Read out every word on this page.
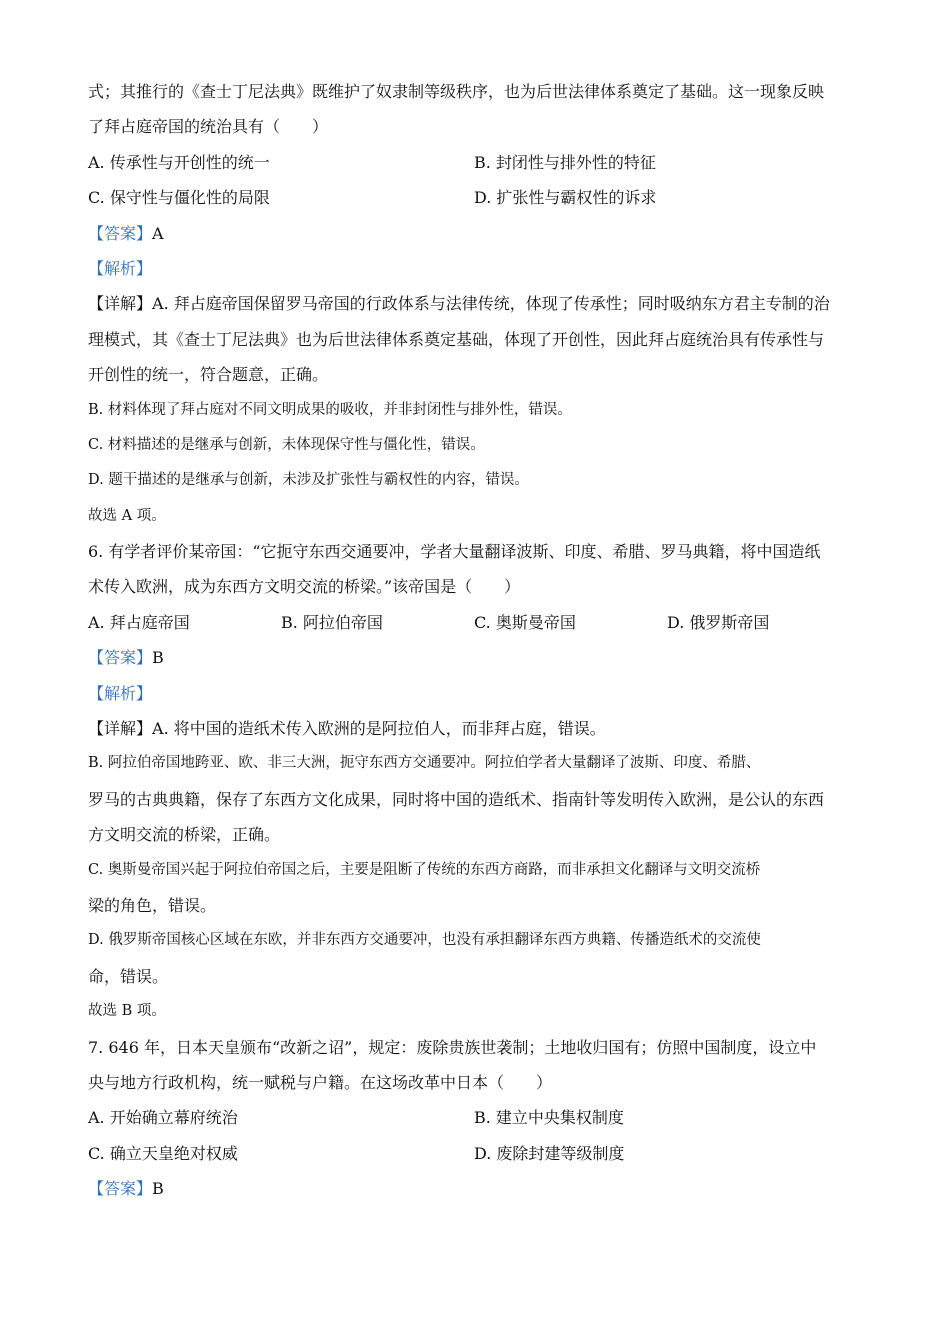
式；其推行的《查士丁尼法典》既维护了奴隶制等级秩序，也为后世法律体系奠定了基础。这一现象反映
了拜占庭帝国的统治具有（　　）
A. 传承性与开创性的统一	B. 封闭性与排外性的特征
C. 保守性与僵化性的局限	D. 扩张性与霸权性的诉求
【答案】A
【解析】
【详解】A. 拜占庭帝国保留罗马帝国的行政体系与法律传统，体现了传承性；同时吸纳东方君主专制的治
理模式，其《查士丁尼法典》也为后世法律体系奠定基础，体现了开创性，因此拜占庭统治具有传承性与
开创性的统一，符合题意，正确。
B. 材料体现了拜占庭对不同文明成果的吸收，并非封闭性与排外性，错误。
C. 材料描述的是继承与创新，未体现保守性与僵化性，错误。
D. 题干描述的是继承与创新，未涉及扩张性与霸权性的内容，错误。
故选 A 项。
6. 有学者评价某帝国：“它扼守东西交通要冲，学者大量翻译波斯、印度、希腊、罗马典籍，将中国造纸
术传入欧洲，成为东西方文明交流的桥梁。”该帝国是（　　）
A. 拜占庭帝国	B. 阿拉伯帝国	C. 奥斯曼帝国	D. 俄罗斯帝国
【答案】B
【解析】
【详解】A. 将中国的造纸术传入欧洲的是阿拉伯人，而非拜占庭，错误。
B. 阿拉伯帝国地跨亚、欧、非三大洲，扼守东西方交通要冲。阿拉伯学者大量翻译了波斯、印度、希腊、
罗马的古典典籍，保存了东西方文化成果，同时将中国的造纸术、指南针等发明传入欧洲，是公认的东西
方文明交流的桥梁，正确。
C. 奥斯曼帝国兴起于阿拉伯帝国之后，主要是阻断了传统的东西方商路，而非承担文化翻译与文明交流桥
梁的角色，错误。
D. 俄罗斯帝国核心区域在东欧，并非东西方交通要冲，也没有承担翻译东西方典籍、传播造纸术的交流使
命，错误。
故选 B 项。
7. 646 年，日本天皇颁布“改新之诏”，规定：废除贵族世袭制；土地收归国有；仿照中国制度，设立中
央与地方行政机构，统一赋税与户籍。在这场改革中日本（　　）
A. 开始确立幕府统治	B. 建立中央集权制度
C. 确立天皇绝对权威	D. 废除封建等级制度
【答案】B
